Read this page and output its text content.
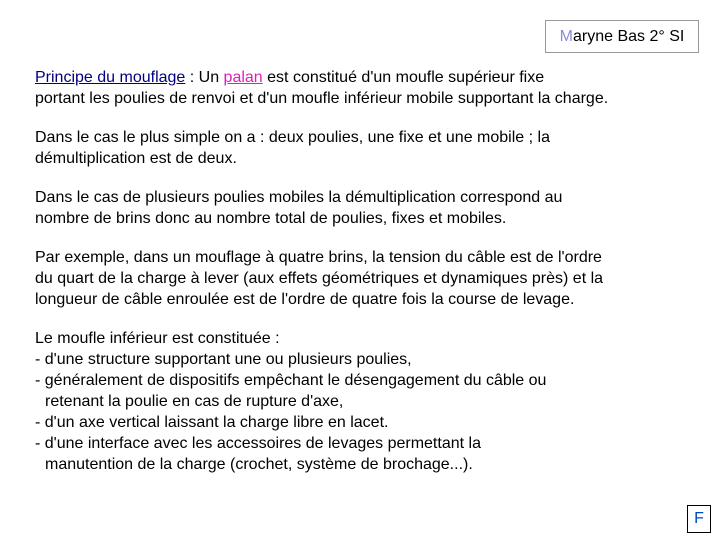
Maryne Bas 2° SI

Principe du mouflage : Un palan est constitué d'un moufle supérieur fixe
portant les poulies de renvoi et d'un moufle inférieur mobile supportant la charge.

Dans le cas le plus simple on a : deux poulies, une fixe et une mobile ; la
démultiplication est de deux.

Dans le cas de plusieurs poulies mobiles la démultiplication correspond au
nombre de brins donc au nombre total de poulies, fixes et mobiles.

Par exemple, dans un mouflage à quatre brins, la tension du câble est de l'ordre
du quart de la charge à lever (aux effets géométriques et dynamiques près) et la
longueur de câble enroulée est de l'ordre de quatre fois la course de levage.

Le moufle inférieur est constituée :
- d'une structure supportant une ou plusieurs poulies,
- généralement de dispositifs empêchant le désengagement du câble ou
retenant la poulie en cas de rupture d'axe,
- d'un axe vertical laissant la charge libre en lacet.
- d'une interface avec les accessoires de levages permettant la
manutention de la charge (crochet, système de brochage...).

F
